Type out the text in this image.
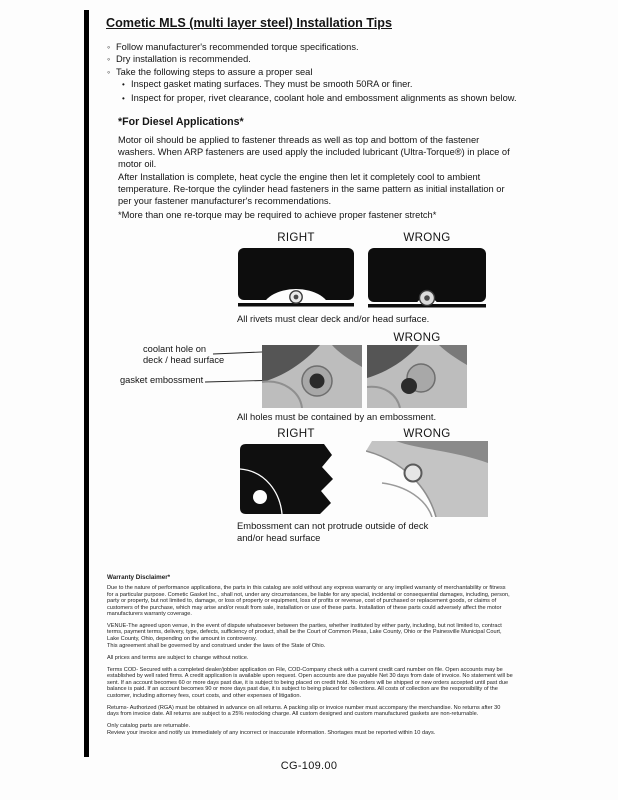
Cometic MLS (multi layer steel) Installation Tips
◦
Follow manufacturer's recommended torque specifications.
◦
Dry installation is recommended.
◦
Take the following steps to assure a proper seal
•
Inspect gasket mating surfaces. They must be smooth 50RA or finer.
•
Inspect for proper, rivet clearance, coolant hole and embossment alignments as shown below.
*For Diesel Applications*
Motor oil should be applied to fastener threads as well as top and bottom of the fastener washers. When ARP fasteners are used apply the included lubricant (Ultra-Torque®) in place of motor oil.
After Installation is complete, heat cycle the engine then let it completely cool to ambient temperature. Re-torque the cylinder head fasteners in the same pattern as initial installation or per your fastener manufacturer's recommendations.
*More than one re-torque may be required to achieve proper fastener stretch*
RIGHT	WRONG
All rivets must clear deck and/or head surface.
WRONG
coolant hole on
deck / head surface
gasket embossment
All holes must be contained by an embossment.
RIGHT	WRONG
Embossment can not protrude outside of deck
and/or head surface
Warranty Disclaimer*

Due to the nature of performance applications, the parts in this catalog are sold without any express warranty or any implied warranty of merchantability or fitness for a particular purpose. Cometic Gasket Inc., shall not, under any circumstances, be liable for any special, incidental or consequential damages, including, person, party or property, but not limited to, damage, or loss of property or equipment, loss of profits or revenue, cost of purchased or replacement goods, or claims of customers of the purchase, which may arise and/or result from sale, installation or use of these parts. Installation of these parts could adversely affect the motor manufacturers warranty coverage.

VENUE-The agreed upon venue, in the event of dispute whatsoever between the parties, whether instituted by either party, including, but not limited to, contract terms, payment terms, delivery, type, defects, sufficiency of product, shall be the Court of Common Pleas, Lake County, Ohio or the Painesville Municipal Court, Lake County, Ohio, depending on the amount in controversy.

This agreement shall be governed by and construed under the laws of the State of Ohio.

All prices and terms are subject to change without notice.

Terms COD- Secured with a completed dealer/jobber application on File, COD-Company check with a current credit card number on file. Open accounts may be established by well rated firms. A credit application is available upon request. Open accounts are due payable Net 30 days from date of invoice. No statement will be sent. If an account becomes 60 or more days past due, it is subject to being placed on credit hold. No orders will be shipped or new orders accepted until past due balance is paid. If an account becomes 90 or more days past due, it is subject to being placed for collections. All costs of collection are the responsibility of the customer, including attorney fees, court costs, and other expenses of litigation.

Returns- Authorized (RGA) must be obtained in advance on all returns. A packing slip or invoice number must accompany the merchandise. No returns after 30 days from invoice date. All returns are subject to a 25% restocking charge. All custom designed and custom manufactured gaskets are non-returnable.

Only catalog parts are returnable.

Review your invoice and notify us immediately of any incorrect or inaccurate information. Shortages must be reported within 10 days.

CG-109.00
